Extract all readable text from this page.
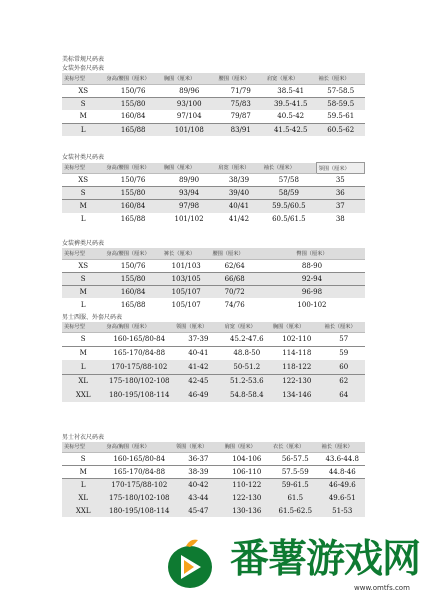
美标常规尺码表
女装外套尺码表
美标号型	身高/腰围（厘米）	胸围（厘米）	腰围（厘米）	肩宽（厘米）	袖长（厘米）
XS	150/76	89/96	71/79	38.5-41	57-58.5
S	155/80	93/100	75/83	39.5-41.5	58-59.5
M	160/84	97/104	79/87	40.5-42	59.5-61
L	165/88	101/108	83/91	41.5-42.5	60.5-62
女装衬类尺码表
美标号型	身高/腰围（厘米）	胸围（厘米）	肩宽（厘米）	袖长（厘米）	领围（厘米）
XS	150/76	89/90	38/39	57/58	35
S	155/80	93/94	39/40	58/59	36
M	160/84	97/98	40/41	59.5/60.5	37
L	165/88	101/102	41/42	60.5/61.5	38
女装裤类尺码表
美标号型	身高/腰围（厘米）	裤长（厘米）	腰围（厘米）	臀围（厘米）
XS	150/76	101/103	62/64	88-90
S	155/80	103/105	66/68	92-94
M	160/84	105/107	70/72	96-98
L	165/88	105/107	74/76	100-102
男士西服、外套尺码表
美标号型	身高/胸围（厘米）	领围（厘米）	肩宽（厘米）	胸围（厘米）	袖长（厘米）
S	160-165/80-84	37-39	45.2-47.6	102-110	57
M	165-170/84-88	40-41	48.8-50	114-118	59
L	170-175/88-102	41-42	50-51.2	118-122	60
XL	175-180/102-108	42-45	51.2-53.6	122-130	62
XXL	180-195/108-114	46-49	54.8-58.4	134-146	64
男士衬衣尺码表
美标号型	身高/胸围（厘米）	领围（厘米）	胸围（厘米）	衣长（厘米）	袖长（厘米）
S	160-165/80-84	36-37	104-106	56-57.5	43.6-44.8
M	165-170/84-88	38-39	106-110	57.5-59	44.8-46
L	170-175/88-102	40-42	110-122	59-61.5	46-49.6
XL	175-180/102-108	43-44	122-130	61.5	49.6-51
XXL	180-195/108-114	45-47	130-136	61.5-62.5	51-53
番薯游戏网
www.omtfs.com
